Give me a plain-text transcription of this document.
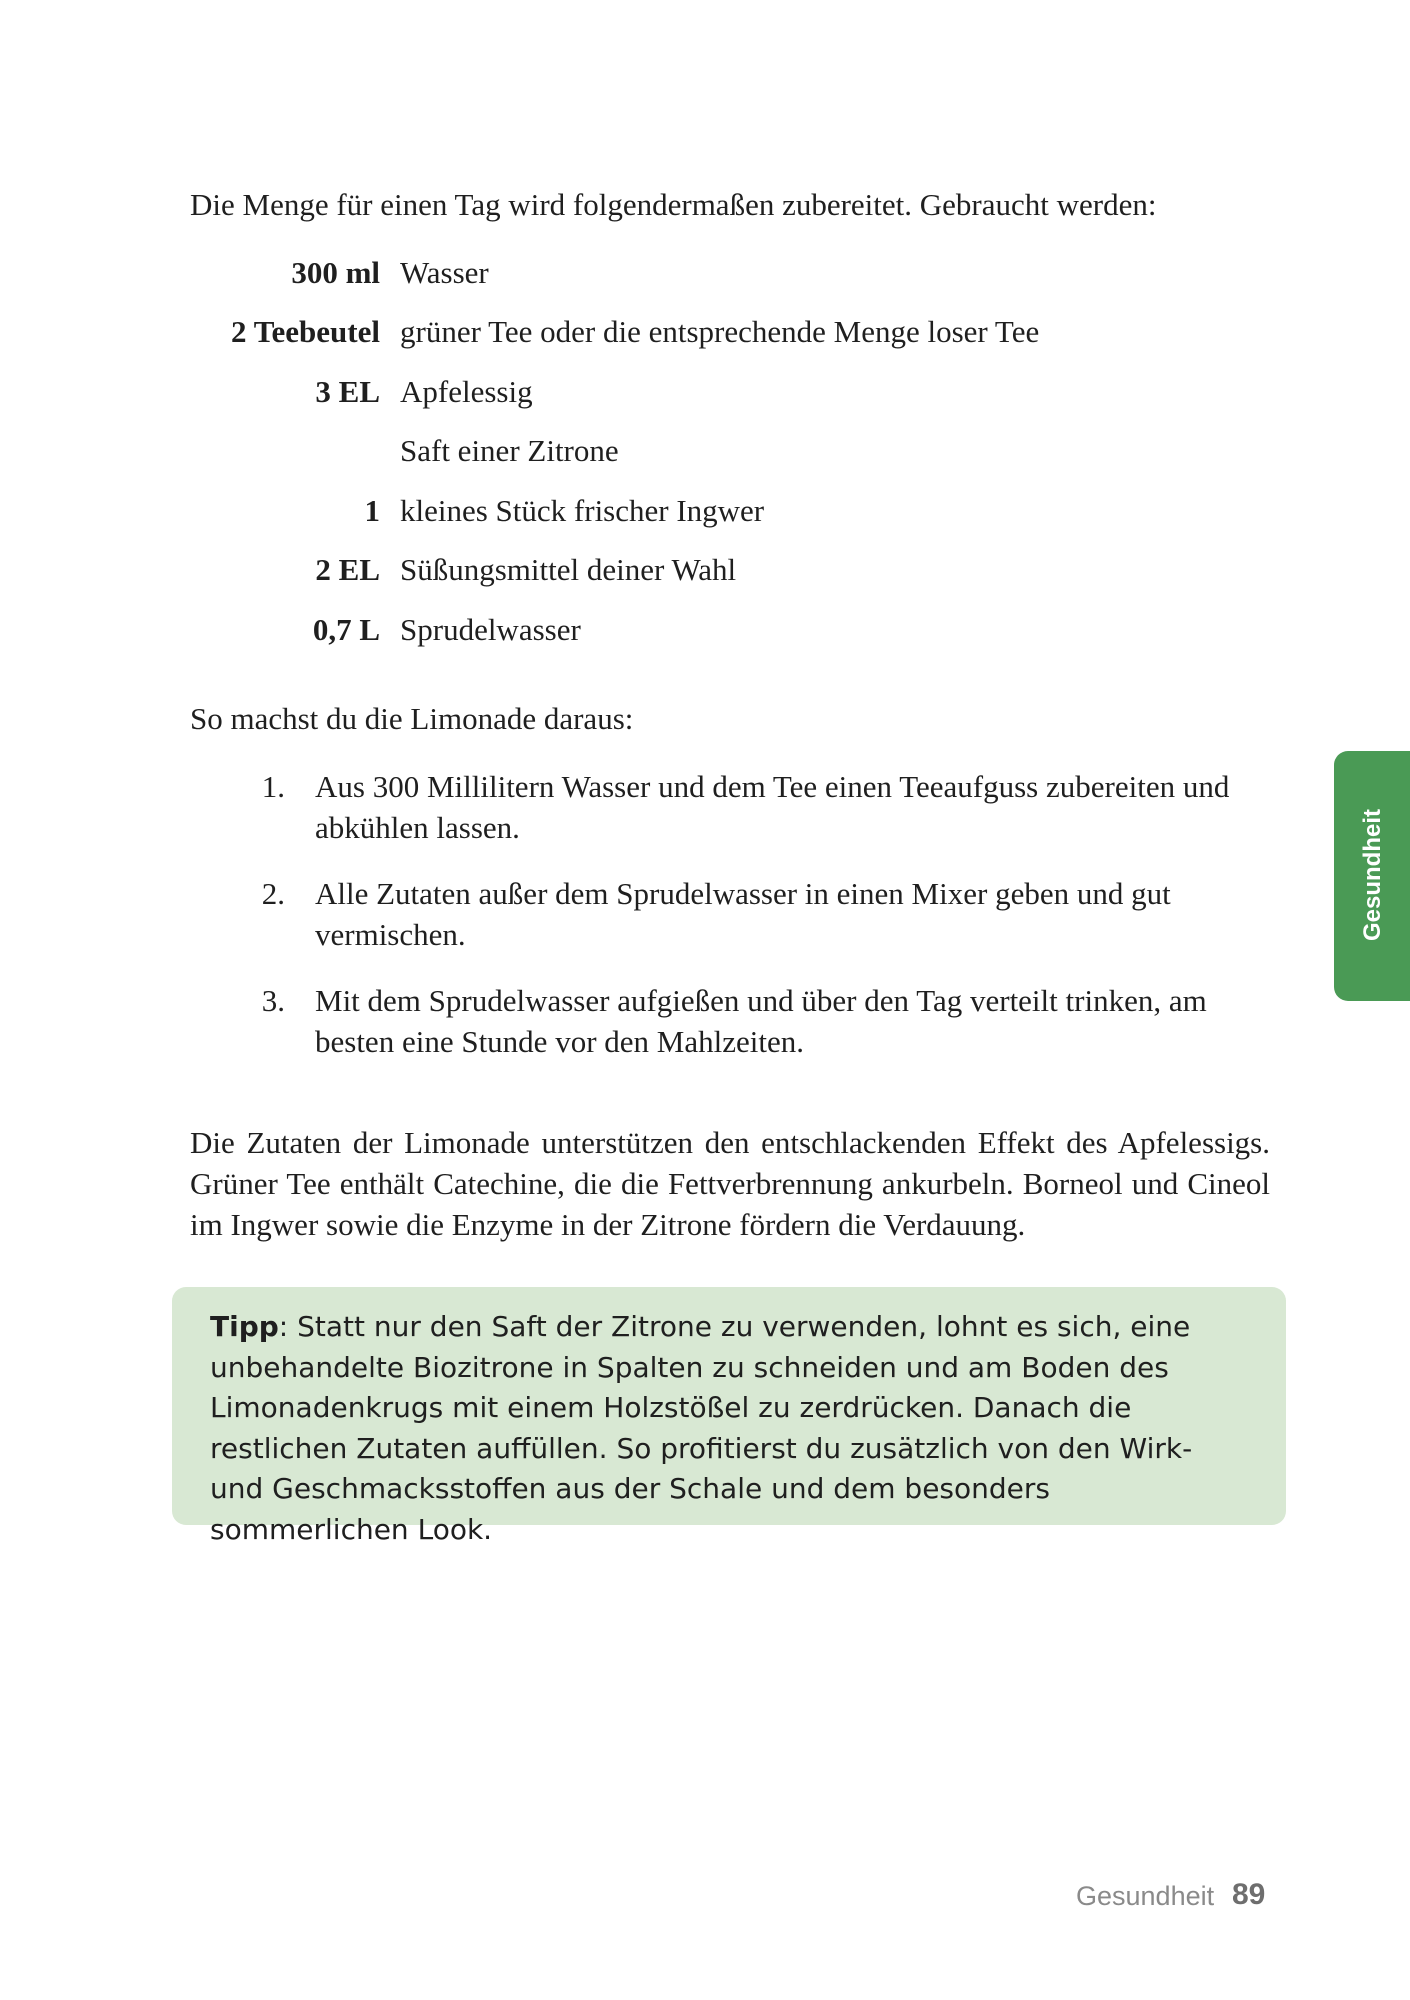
Die Menge für einen Tag wird folgendermaßen zubereitet. Gebraucht werden:
300 ml Wasser
2 Teebeutel grüner Tee oder die entsprechende Menge loser Tee
3 EL Apfelessig
Saft einer Zitrone
1 kleines Stück frischer Ingwer
2 EL Süßungsmittel deiner Wahl
0,7 L Sprudelwasser
So machst du die Limonade daraus:
1. Aus 300 Millilitern Wasser und dem Tee einen Teeaufguss zubereiten und abkühlen lassen.
2. Alle Zutaten außer dem Sprudelwasser in einen Mixer geben und gut vermischen.
3. Mit dem Sprudelwasser aufgießen und über den Tag verteilt trinken, am besten eine Stunde vor den Mahlzeiten.
Die Zutaten der Limonade unterstützen den entschlackenden Effekt des Apfelessigs. Grüner Tee enthält Catechine, die die Fettverbrennung ankurbeln. Borneol und Cineol im Ingwer sowie die Enzyme in der Zitrone fördern die Verdauung.
Tipp: Statt nur den Saft der Zitrone zu verwenden, lohnt es sich, eine unbehandelte Biozitrone in Spalten zu schneiden und am Boden des Limonadenkrugs mit einem Holzstößel zu zerdrücken. Danach die restlichen Zutaten auffüllen. So profitierst du zusätzlich von den Wirk- und Geschmacksstoffen aus der Schale und dem besonders sommerlichen Look.
Gesundheit
Gesundheit 89
